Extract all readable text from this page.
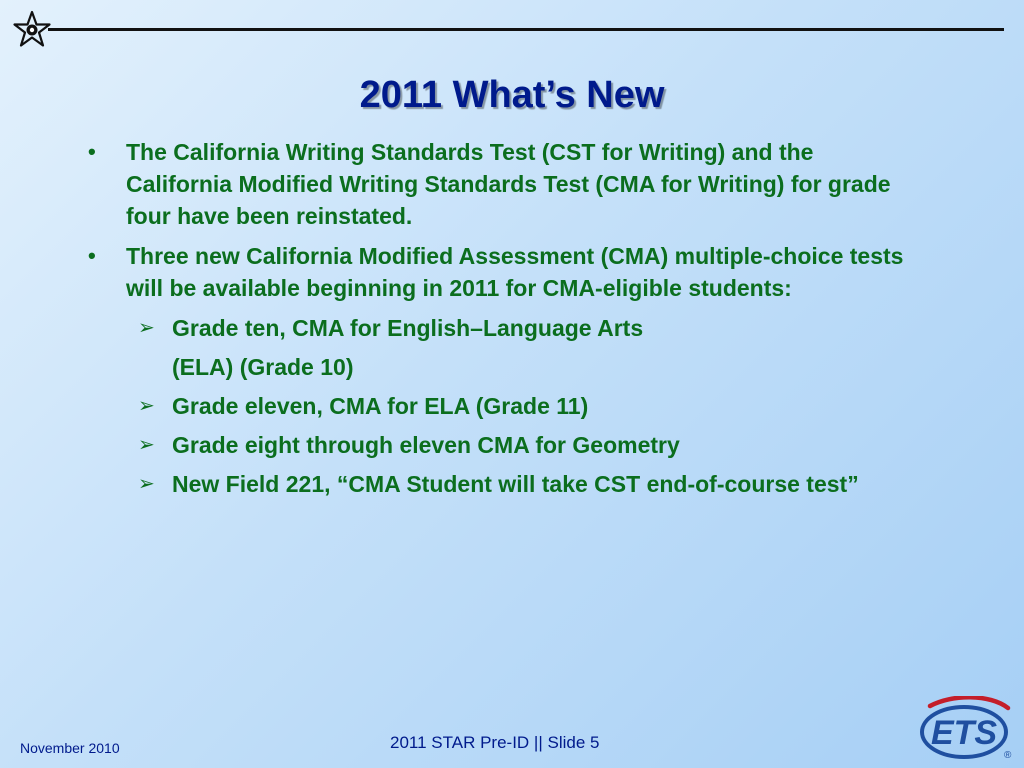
2011 What’s New
• The California Writing Standards Test (CST for Writing) and the California Modified Writing Standards Test (CMA for Writing) for grade four have been reinstated.
• Three new California Modified Assessment (CMA) multiple-choice tests will be available beginning in 2011 for CMA-eligible students:
➢ Grade ten, CMA for English–Language Arts
(ELA) (Grade 10)
➢ Grade eleven, CMA for ELA (Grade 11)
➢ Grade eight through eleven CMA for Geometry
➢ New Field 221, “CMA Student will take CST end-of-course test”
November 2010	2011 STAR Pre-ID || Slide 5	ETS
®
